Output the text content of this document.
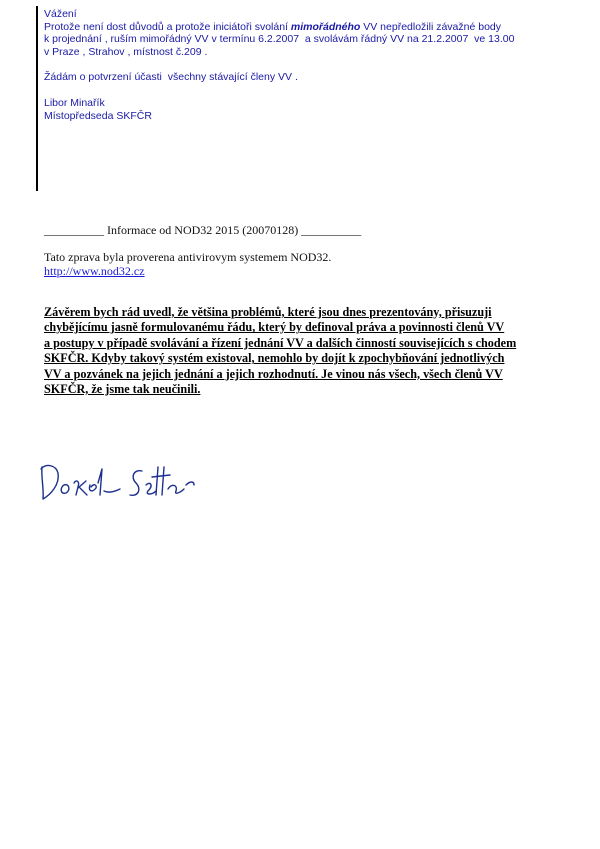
Vážení
Protože není dost důvodů a protože iniciátoři svolání mimořádného VV nepředložili závažné body
k projednání , ruším mimořádný VV v termínu 6.2.2007  a svolávám řádný VV na 21.2.2007  ve 13.00
v Praze , Strahov , místnost č.209 .
Žádám o potvrzení účasti  všechny stávající členy VV .
Libor Minařík
Místopředseda SKFČR
__________ Informace od NOD32 2015 (20070128) __________
Tato zprava byla proverena antivirovym systemem NOD32.
http://www.nod32.cz
Závěrem bych rád uvedl, že většina problémů, které jsou dnes prezentovány, přisuzuji
chybějícímu jasně formulovanému řádu, který by definoval práva a povinnosti členů VV
a postupy v případě svolávání a řízení jednání VV a dalších činností souvisejících s chodem
SKFČR. Kdyby takový systém existoval, nemohlo by dojít k zpochybňování jednotlivých
VV a pozvánek na jejich jednání a jejich rozhodnutí. Je vinou nás všech, všech členů VV
SKFČR, že jsme tak neučinili.
